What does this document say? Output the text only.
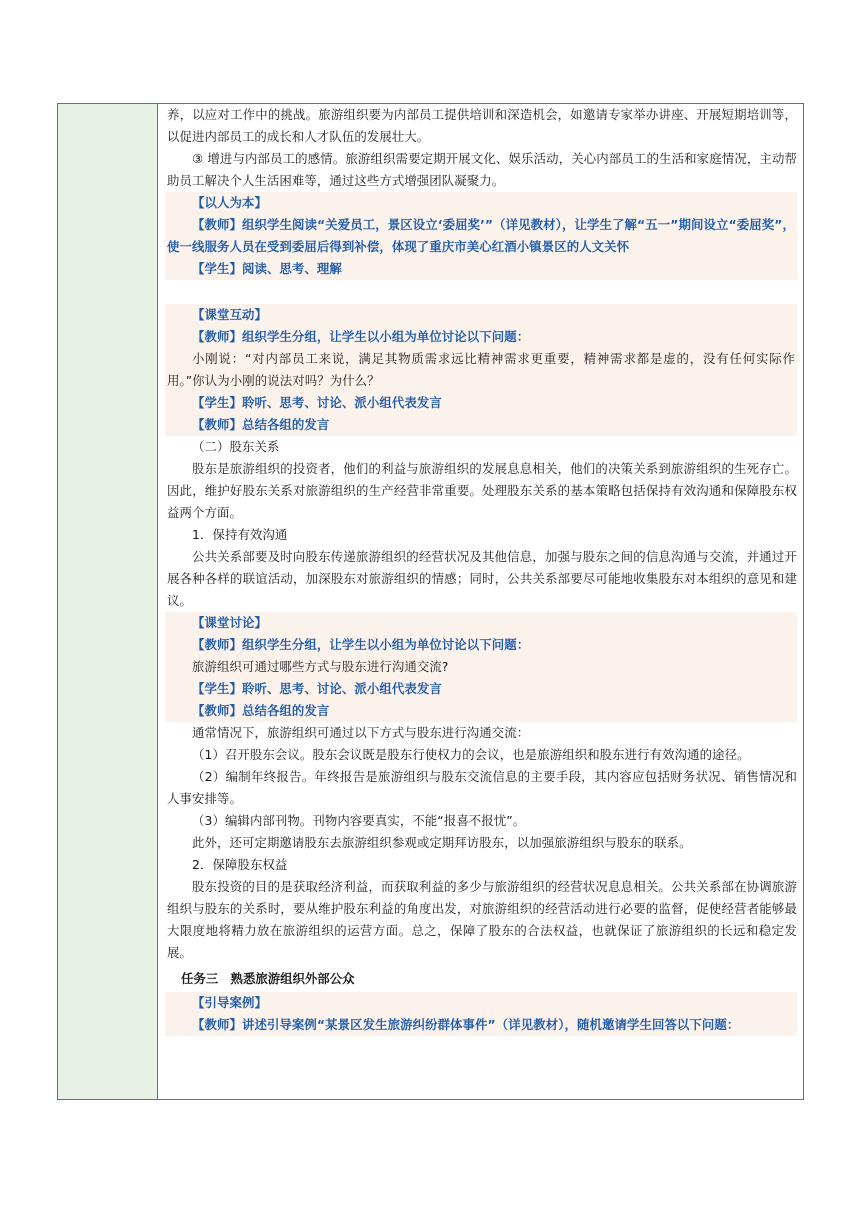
养，以应对工作中的挑战。旅游组织要为内部员工提供培训和深造机会，如邀请专家举办讲座、开展短期培训等，以促进内部员工的成长和人才队伍的发展壮大。

③ 增进与内部员工的感情。旅游组织需要定期开展文化、娱乐活动，关心内部员工的生活和家庭情况，主动帮助员工解决个人生活困难等，通过这些方式增强团队凝聚力。

【以人为本】

【教师】组织学生阅读“关爱员工，景区设立‘委屈奖’”（详见教材），让学生了解“五一”期间设立“委屈奖”，使一线服务人员在受到委屈后得到补偿，体现了重庆市美心红酒小镇景区的人文关怀

【学生】阅读、思考、理解

【课堂互动】

【教师】组织学生分组，让学生以小组为单位讨论以下问题：

小刚说：“对内部员工来说，满足其物质需求远比精神需求更重要，精神需求都是虚的，没有任何实际作用。”你认为小刚的说法对吗？为什么？

【学生】聆听、思考、讨论、派小组代表发言

【教师】总结各组的发言

（二）股东关系

股东是旅游组织的投资者，他们的利益与旅游组织的发展息息相关，他们的决策关系到旅游组织的生死存亡。因此，维护好股东关系对旅游组织的生产经营非常重要。处理股东关系的基本策略包括保持有效沟通和保障股东权益两个方面。

1．保持有效沟通

公共关系部要及时向股东传递旅游组织的经营状况及其他信息，加强与股东之间的信息沟通与交流，并通过开展各种各样的联谊活动，加深股东对旅游组织的情感；同时，公共关系部要尽可能地收集股东对本组织的意见和建议。

【课堂讨论】

【教师】组织学生分组，让学生以小组为单位讨论以下问题：

旅游组织可通过哪些方式与股东进行沟通交流?

【学生】聆听、思考、讨论、派小组代表发言

【教师】总结各组的发言

通常情况下，旅游组织可通过以下方式与股东进行沟通交流：

（1）召开股东会议。股东会议既是股东行使权力的会议，也是旅游组织和股东进行有效沟通的途径。

（2）编制年终报告。年终报告是旅游组织与股东交流信息的主要手段，其内容应包括财务状况、销售情况和人事安排等。

（3）编辑内部刊物。刊物内容要真实，不能“报喜不报忧”。

此外，还可定期邀请股东去旅游组织参观或定期拜访股东，以加强旅游组织与股东的联系。

2．保障股东权益

股东投资的目的是获取经济利益，而获取利益的多少与旅游组织的经营状况息息相关。公共关系部在协调旅游组织与股东的关系时，要从维护股东利益的角度出发，对旅游组织的经营活动进行必要的监督，促使经营者能够最大限度地将精力放在旅游组织的运营方面。总之，保障了股东的合法权益，也就保证了旅游组织的长远和稳定发展。

任务三　熟悉旅游组织外部公众

【引导案例】

【教师】讲述引导案例“某景区发生旅游纠纷群体事件”（详见教材），随机邀请学生回答以下问题：
